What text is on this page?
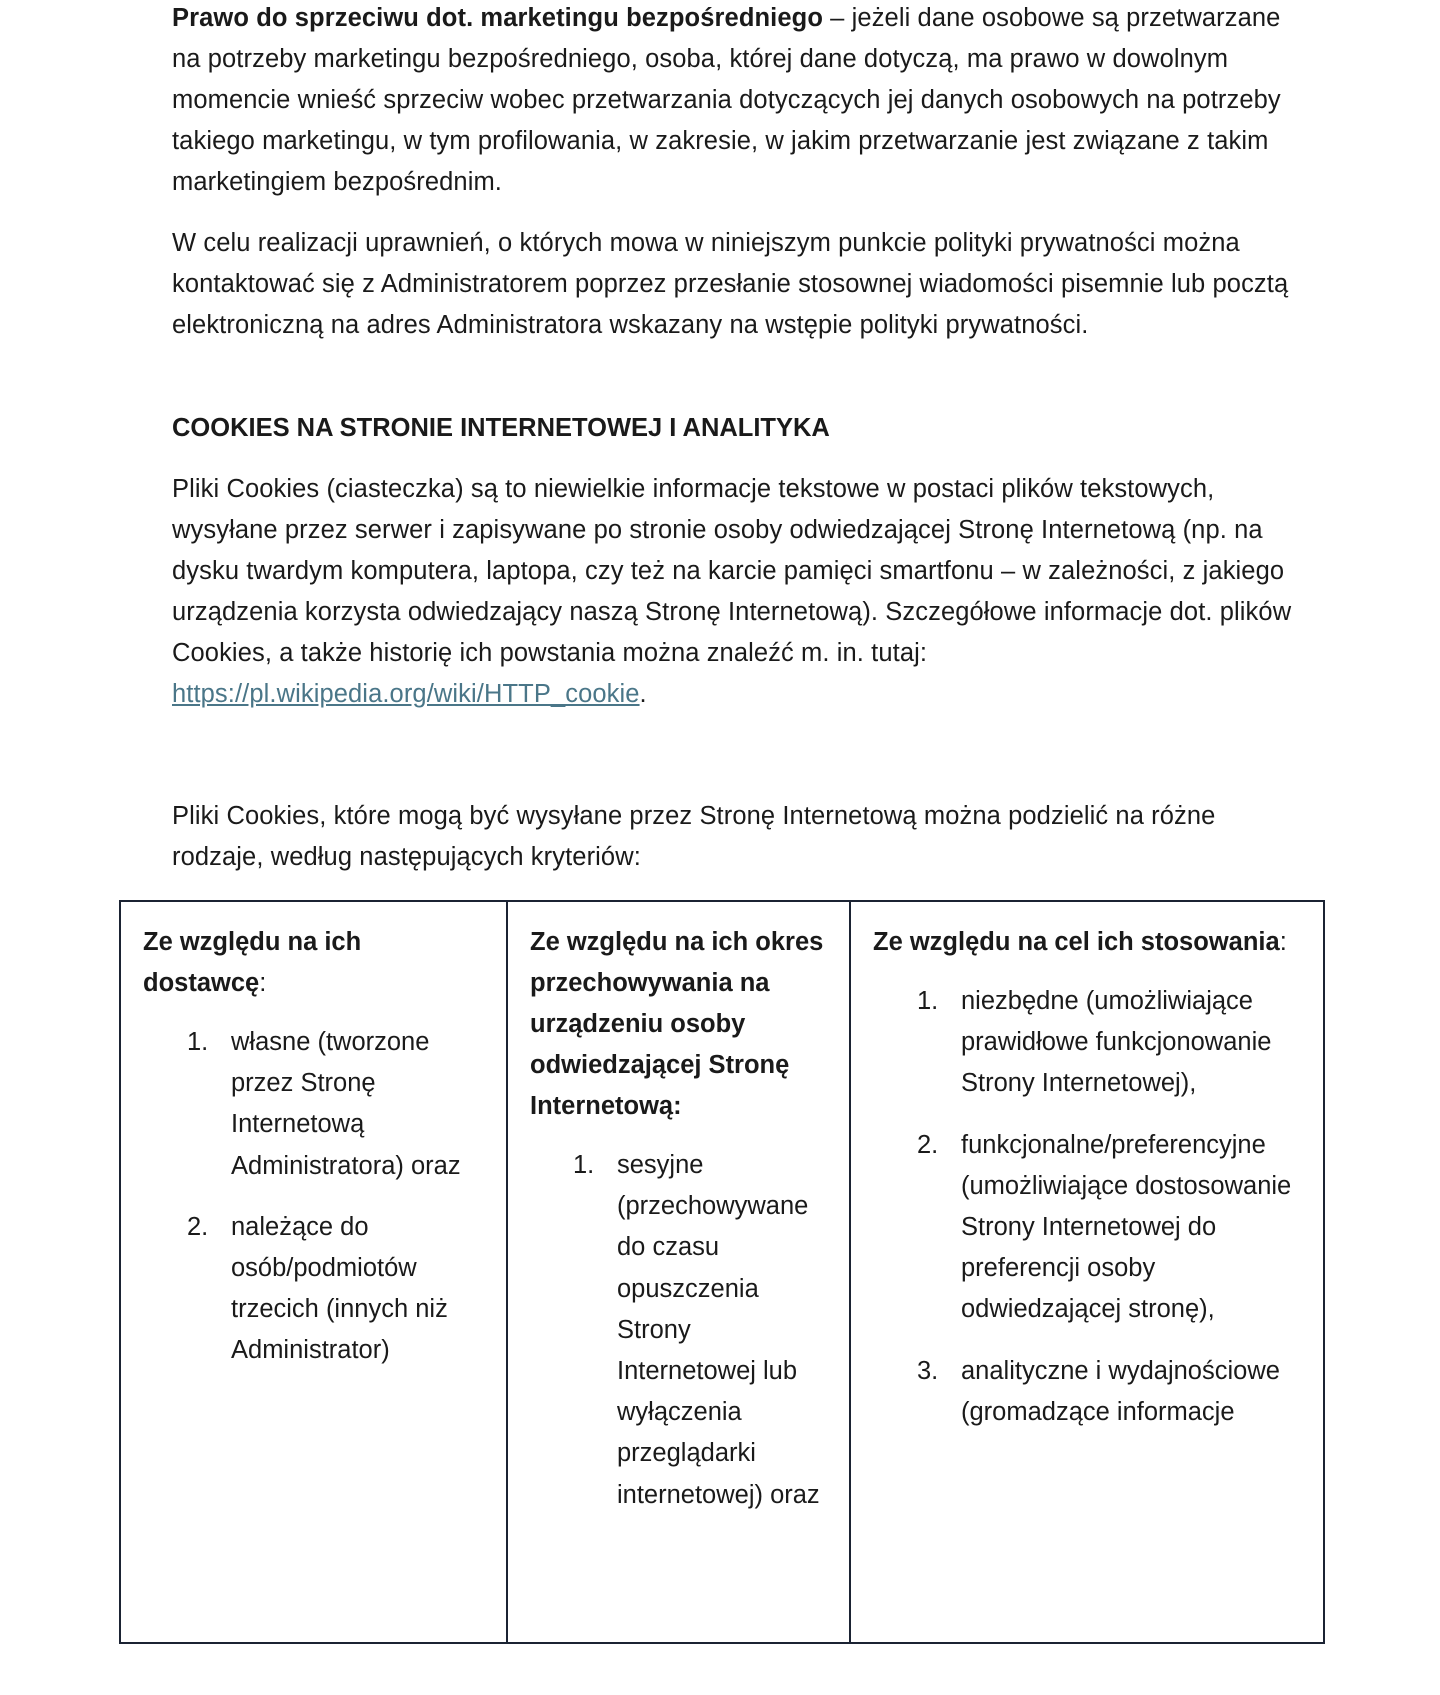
Prawo do sprzeciwu dot. marketingu bezpośredniego – jeżeli dane osobowe są przetwarzane na potrzeby marketingu bezpośredniego, osoba, której dane dotyczą, ma prawo w dowolnym momencie wnieść sprzeciw wobec przetwarzania dotyczących jej danych osobowych na potrzeby takiego marketingu, w tym profilowania, w zakresie, w jakim przetwarzanie jest związane z takim marketingiem bezpośrednim.

W celu realizacji uprawnień, o których mowa w niniejszym punkcie polityki prywatności można kontaktować się z Administratorem poprzez przesłanie stosownej wiadomości pisemnie lub pocztą elektroniczną na adres Administratora wskazany na wstępie polityki prywatności.

COOKIES NA STRONIE INTERNETOWEJ I ANALITYKA

Pliki Cookies (ciasteczka) są to niewielkie informacje tekstowe w postaci plików tekstowych, wysyłane przez serwer i zapisywane po stronie osoby odwiedzającej Stronę Internetową (np. na dysku twardym komputera, laptopa, czy też na karcie pamięci smartfonu – w zależności, z jakiego urządzenia korzysta odwiedzający naszą Stronę Internetową). Szczegółowe informacje dot. plików Cookies, a także historię ich powstania można znaleźć m. in. tutaj: https://pl.wikipedia.org/wiki/HTTP_cookie.

Pliki Cookies, które mogą być wysyłane przez Stronę Internetową można podzielić na różne rodzaje, według następujących kryteriów:

Ze względu na ich dostawcę:

1. własne (tworzone przez Stronę Internetową Administratora) oraz
2. należące do osób/podmiotów trzecich (innych niż Administrator)

Ze względu na ich okres przechowywania na urządzeniu osoby odwiedzającej Stronę Internetową:

1. sesyjne (przechowywane do czasu opuszczenia Strony Internetowej lub wyłączenia przeglądarki internetowej) oraz

Ze względu na cel ich stosowania:

1. niezbędne (umożliwiające prawidłowe funkcjonowanie Strony Internetowej),
2. funkcjonalne/preferencyjne (umożliwiające dostosowanie Strony Internetowej do preferencji osoby odwiedzającej stronę),
3. analityczne i wydajnościowe (gromadzące informacje
